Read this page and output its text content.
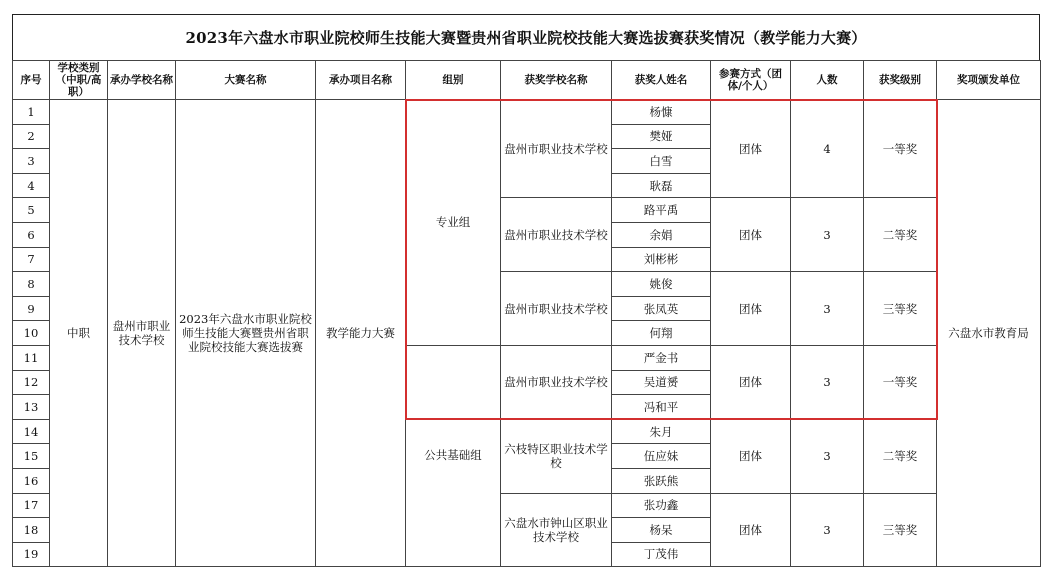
2023年六盘水市职业院校师生技能大赛暨贵州省职业院校技能大赛选拔赛获奖情况（教学能力大赛）
序号	学校类别（中职/高职）	承办学校名称	大赛名称	承办项目名称	组别	获奖学校名称	获奖人姓名	参赛方式（团体/个人）	人数	获奖级别	奖项颁发单位
1	中职	盘州市职业技术学校	2023年六盘水市职业院校师生技能大赛暨贵州省职业院校技能大赛选拔赛	教学能力大赛	专业组	盘州市职业技术学校	杨慷	团体	4	一等奖	六盘水市教育局
2							樊娅				
3							白雪				
4							耿磊				
5						盘州市职业技术学校	路平禹	团体	3	二等奖	
6							余娟				
7							刘彬彬				
8						盘州市职业技术学校	姚俊	团体	3	三等奖	
9							张凤英				
10							何翔				
11						盘州市职业技术学校	严金书	团体	3	一等奖	
12							吴道赟				
13							冯和平				
14					公共基础组	六枝特区职业技术学校	朱月	团体	3	二等奖	
15							伍应妹				
16							张跃熊				
17						六盘水市钟山区职业技术学校	张功鑫	团体	3	三等奖	
18							杨呆				
19							丁茂伟				
